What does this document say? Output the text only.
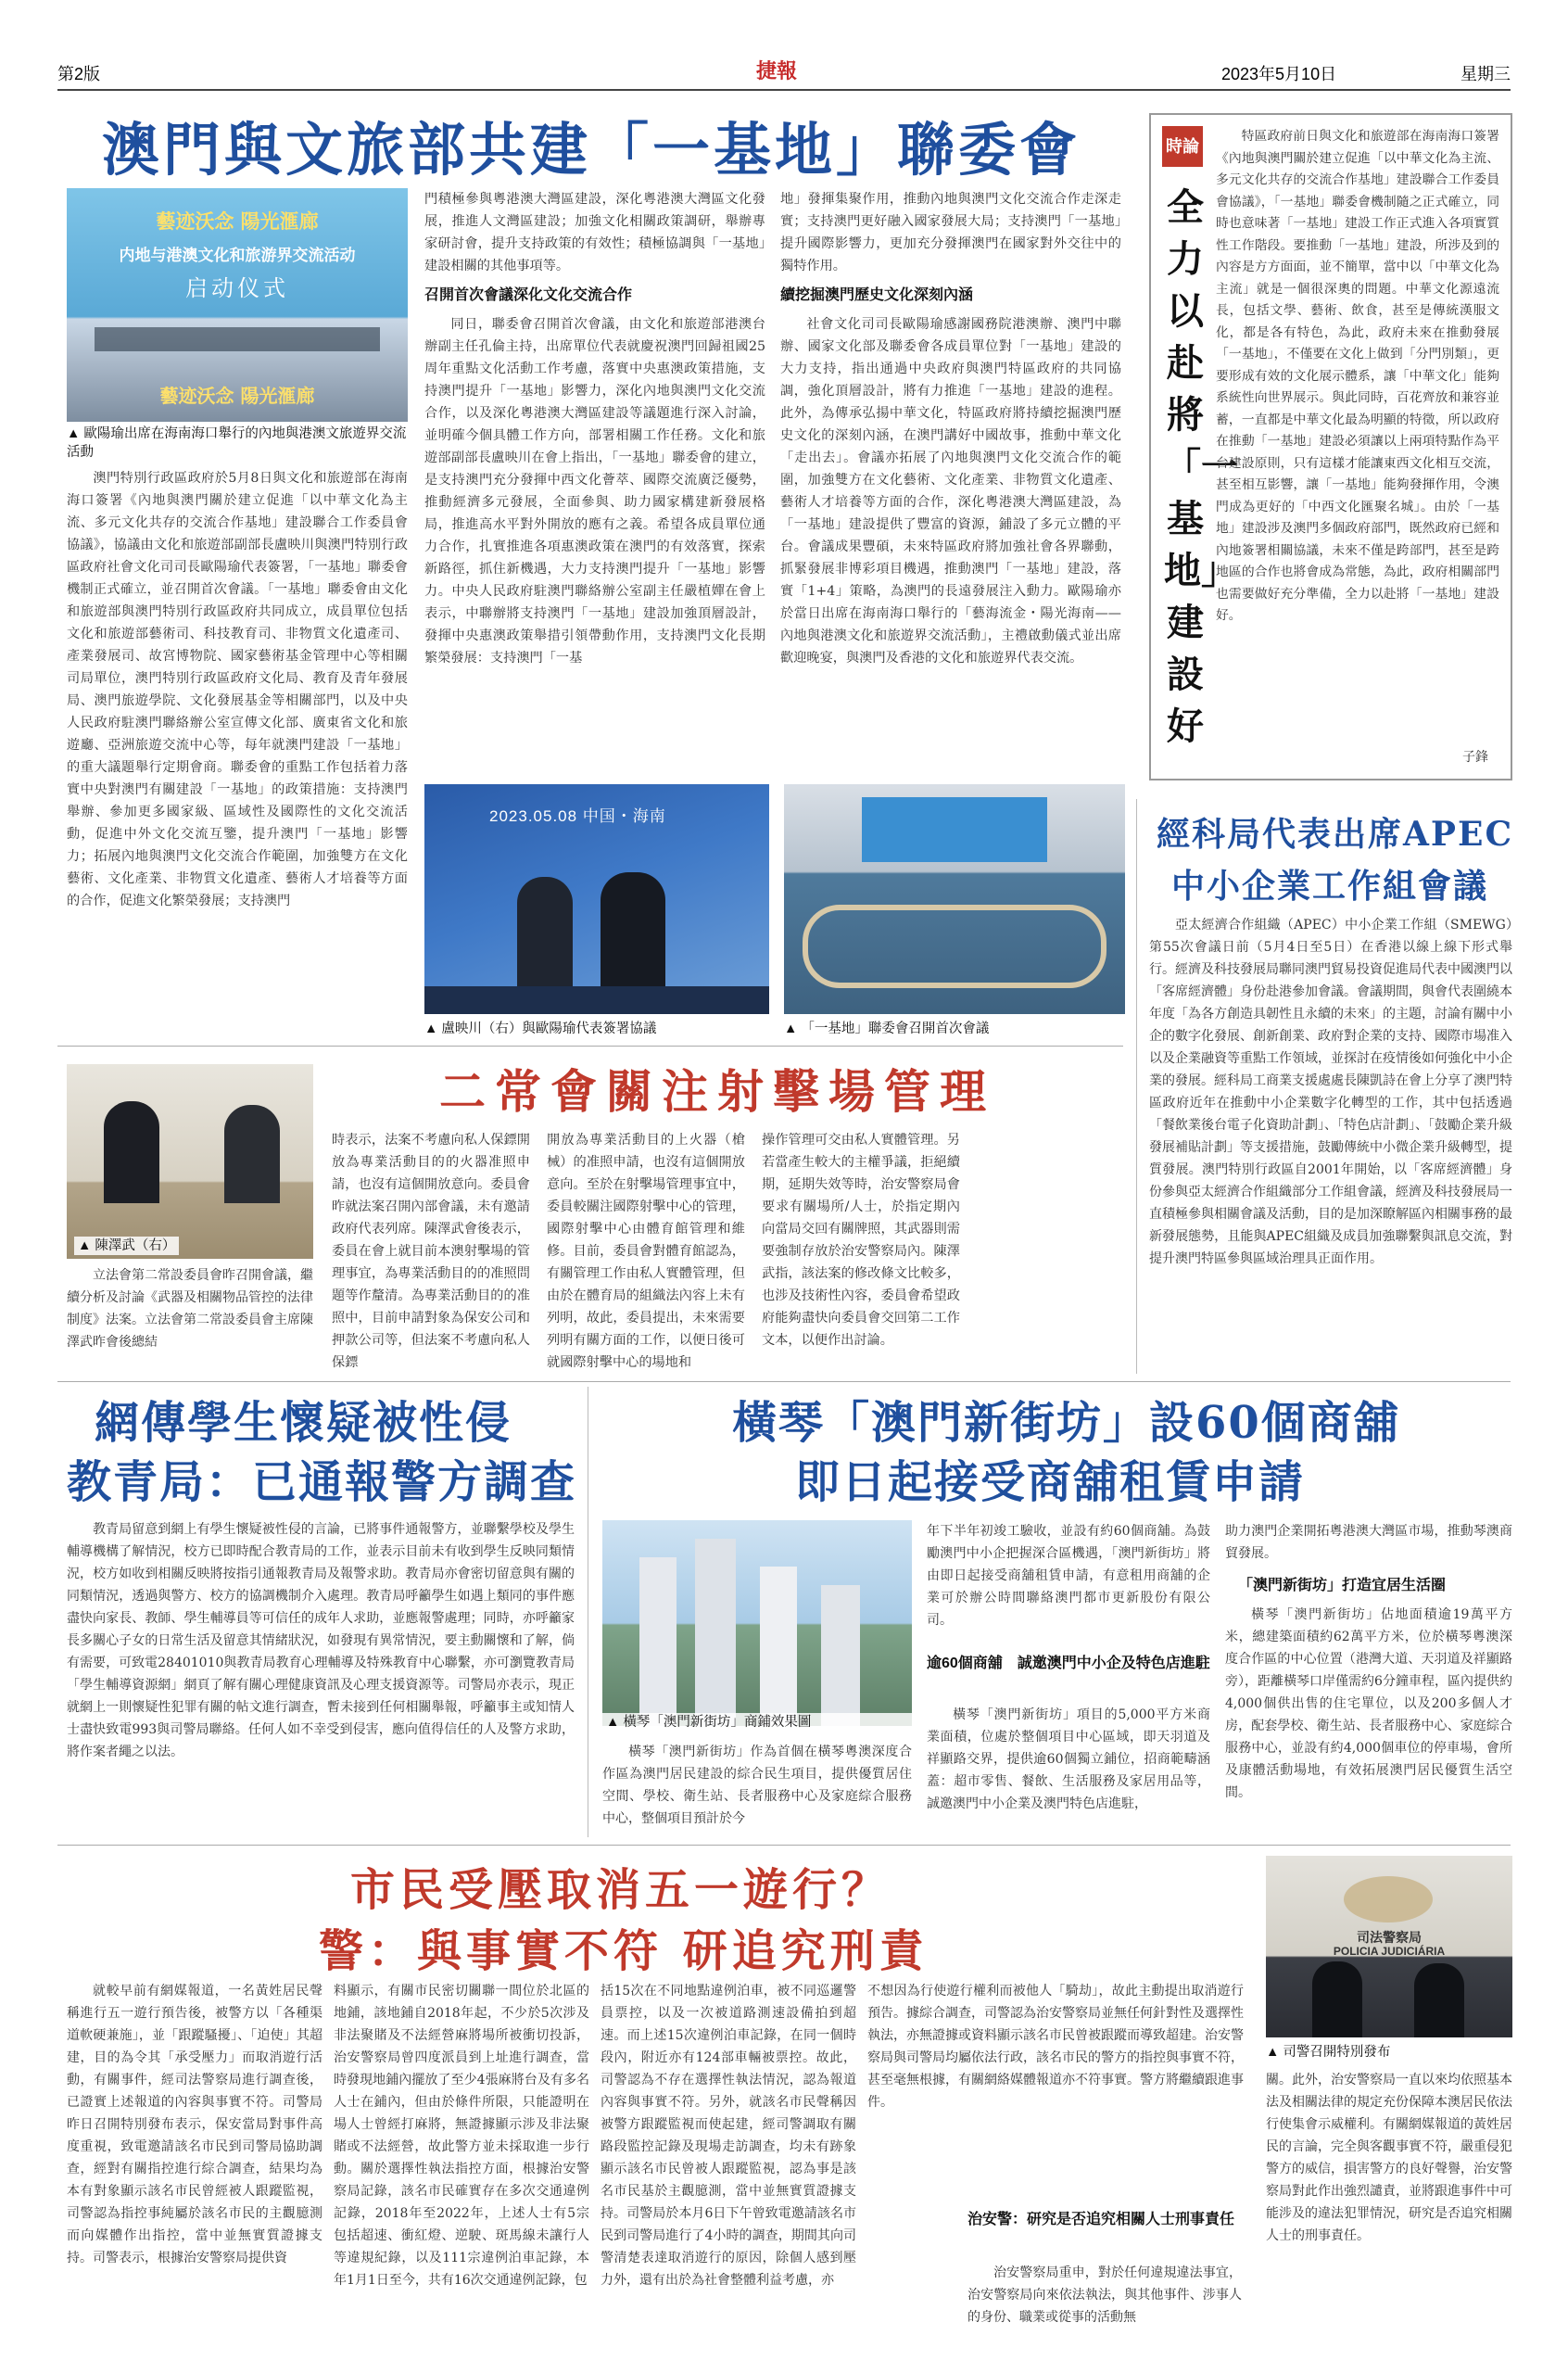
第2版	捷報	2023年5月10日	星期三
澳門與文旅部共建「一基地」聯委會
藝迹沃念 陽光滙廊
内地与港澳文化和旅游界交流活动
启动仪式
藝迹沃念 陽光滙廊
▲ 歐陽瑜出席在海南海口舉行的內地與港澳文旅遊界交流活動

澳門特別行政區政府於5月8日與文化和旅遊部在海南海口簽署《內地與澳門關於建立促進「以中華文化為主流、多元文化共存的交流合作基地」建設聯合工作委員會協議》，協議由文化和旅遊部副部長盧映川與澳門特別行政區政府社會文化司司長歐陽瑜代表簽署，「一基地」聯委會機制正式確立，並召開首次會議。「一基地」聯委會由文化和旅遊部與澳門特別行政區政府共同成立，成員單位包括文化和旅遊部藝術司、科技教育司、非物質文化遺產司、產業發展司、故宮博物院、國家藝術基金管理中心等相關司局單位，澳門特別行政區政府文化局、教育及青年發展局、澳門旅遊學院、文化發展基金等相關部門，以及中央人民政府駐澳門聯絡辦公室宣傳文化部、廣東省文化和旅遊廳、亞洲旅遊交流中心等，每年就澳門建設「一基地」的重大議題舉行定期會商。聯委會的重點工作包括着力落實中央對澳門有關建設「一基地」的政策措施：支持澳門舉辦、參加更多國家級、區域性及國際性的文化交流活動，促進中外文化交流互鑒，提升澳門「一基地」影響力；拓展內地與澳門文化交流合作範圍，加強雙方在文化藝術、文化產業、非物質文化遺產、藝術人才培養等方面的合作，促進文化繁榮發展；支持澳門

門積極參與粵港澳大灣區建設，深化粵港澳大灣區文化發展，推進人文灣區建設；加強文化相關政策調研，舉辦專家研討會，提升支持政策的有效性；積極協調與「一基地」建設相關的其他事項等。

召開首次會議深化文化交流合作

同日，聯委會召開首次會議，由文化和旅遊部港澳台辦副主任孔倫主持，出席單位代表就慶祝澳門回歸祖國25周年重點文化活動工作考慮，落實中央惠澳政策措施，支持澳門提升「一基地」影響力，深化內地與澳門文化交流合作，以及深化粵港澳大灣區建設等議題進行深入討論，並明確今個具體工作方向，部署相關工作任務。文化和旅遊部副部長盧映川在會上指出，「一基地」聯委會的建立，是支持澳門充分發揮中西文化薈萃、國際交流廣泛優勢，推動經濟多元發展，全面參與、助力國家構建新發展格局，推進高水平對外開放的應有之義。希望各成員單位通力合作，扎實推進各項惠澳政策在澳門的有效落實，探索新路徑，抓住新機遇，大力支持澳門提升「一基地」影響力。中央人民政府駐澳門聯絡辦公室副主任嚴植嬋在會上表示，中聯辦將支持澳門「一基地」建設加強頂層設計，發揮中央惠澳政策舉措引領帶動作用，支持澳門文化長期繁榮發展：支持澳門「一基

地」發揮集聚作用，推動內地與澳門文化交流合作走深走實；支持澳門更好融入國家發展大局；支持澳門「一基地」提升國際影響力，更加充分發揮澳門在國家對外交往中的獨特作用。

續挖掘澳門歷史文化深刻內涵

社會文化司司長歐陽瑜感謝國務院港澳辦、澳門中聯辦、國家文化部及聯委會各成員單位對「一基地」建設的大力支持，指出通過中央政府與澳門特區政府的共同協調，強化頂層設計，將有力推進「一基地」建設的進程。此外，為傳承弘揚中華文化，特區政府將持續挖掘澳門歷史文化的深刻內涵，在澳門講好中國故事，推動中華文化「走出去」。會議亦拓展了內地與澳門文化交流合作的範圍，加強雙方在文化藝術、文化產業、非物質文化遺產、藝術人才培養等方面的合作，深化粵港澳大灣區建設，為「一基地」建設提供了豐富的資源，鋪設了多元立體的平台。會議成果豐碩，未來特區政府將加強社會各界聯動，抓緊發展非博彩項目機遇，推動澳門「一基地」建設，落實「1+4」策略，為澳門的長遠發展注入動力。歐陽瑜亦於當日出席在海南海口舉行的「藝海流金・陽光海南——內地與港澳文化和旅遊界交流活動」，主禮啟動儀式並出席歡迎晚宴，與澳門及香港的文化和旅遊界代表交流。

2023.05.08 中国・海南
▲ 盧映川（右）與歐陽瑜代表簽署協議	▲ 「一基地」聯委會召開首次會議
時論
全力以赴將「一基地」建設好

特區政府前日與文化和旅遊部在海南海口簽署《內地與澳門關於建立促進「以中華文化為主流、多元文化共存的交流合作基地」建設聯合工作委員會協議》，「一基地」聯委會機制隨之正式確立，同時也意味著「一基地」建設工作正式進入各項實質性工作階段。要推動「一基地」建設，所涉及到的內容是方方面面，並不簡單，當中以「中華文化為主流」就是一個很深奧的問題。中華文化源遠流長，包括文學、藝術、飲食，甚至是傳統漢服文化，都是各有特色，為此，政府未來在推動發展「一基地」，不僅要在文化上做到「分門別類」，更要形成有效的文化展示體系，讓「中華文化」能夠系統性向世界展示。與此同時，百花齊放和兼容並蓄，一直都是中華文化最為明顯的特徵，所以政府在推動「一基地」建設必須讓以上兩項特點作為平台建設原則，只有這樣才能讓東西文化相互交流，甚至相互影響，讓「一基地」能夠發揮作用，令澳門成為更好的「中西文化匯聚名城」。由於「一基地」建設涉及澳門多個政府部門，既然政府已經和內地簽署相關協議，未來不僅是跨部門，甚至是跨地區的合作也將會成為常態，為此，政府相關部門也需要做好充分準備，全力以赴將「一基地」建設好。

子鋒
經科局代表出席APEC
中小企業工作組會議

亞太經濟合作組織（APEC）中小企業工作組（SMEWG）第55次會議日前（5月4日至5日）在香港以線上線下形式舉行。經濟及科技發展局聯同澳門貿易投資促進局代表中國澳門以「客席經濟體」身份赴港參加會議。會議期間，與會代表圍繞本年度「為各方創造具韌性且永續的未來」的主題，討論有關中小企的數字化發展、創新創業、政府對企業的支持、國際市場准入以及企業融資等重點工作領域，並探討在疫情後如何強化中小企業的發展。經科局工商業支援處處長陳凱詩在會上分享了澳門特區政府近年在推動中小企業數字化轉型的工作，其中包括透過「餐飲業後台電子化資助計劃」、「特色店計劃」、「鼓勵企業升級發展補貼計劃」等支援措施，鼓勵傳統中小微企業升級轉型，提質發展。澳門特別行政區自2001年開始，以「客席經濟體」身份參與亞太經濟合作組織部分工作組會議，經濟及科技發展局一直積極參與相關會議及活動，目的是加深瞭解區內相關事務的最新發展態勢，且能與APEC組織及成員加強聯繫與訊息交流，對提升澳門特區參與區域治理具正面作用。

二常會關注射擊場管理
▲ 陳澤武（右）

立法會第二常設委員會昨召開會議，繼續分析及討論《武器及相關物品管控的法律制度》法案。立法會第二常設委員會主席陳澤武昨會後總結

時表示，法案不考慮向私人保鏢開放為專業活動目的的火器准照申請，也沒有這個開放意向。委員會昨就法案召開內部會議，未有邀請政府代表列席。陳澤武會後表示，委員在會上就目前本澳射擊場的管理事宜，為專業活動目的的准照問題等作釐清。為專業活動目的的准照中，目前申請對象為保安公司和押款公司等，但法案不考慮向私人保鏢

開放為專業活動目的上火器（槍械）的准照申請，也沒有這個開放意向。至於在射擊場管理事宜中，委員較關注國際射擊中心的管理，國際射擊中心由體育館管理和維修。目前，委員會對體育館認為，有關管理工作由私人實體管理，但由於在體育局的組織法內容上未有列明，故此，委員提出，未來需要列明有關方面的工作，以便日後可就國際射擊中心的場地和

操作管理可交由私人實體管理。另若當產生較大的主權爭議，拒絕續期，延期失效等時，治安警察局會要求有關場所/人士，於指定期內向當局交回有關牌照，其武器則需要強制存放於治安警察局內。陳澤武指，該法案的修改條文比較多，也涉及技術性內容，委員會希望政府能夠盡快向委員會交回第二工作文本，以便作出討論。

網傳學生懷疑被性侵
教青局：已通報警方調查

教青局留意到網上有學生懷疑被性侵的言論，已將事件通報警方，並聯繫學校及學生輔導機構了解情況，校方已即時配合教青局的工作，並表示目前未有收到學生反映同類情況，校方如收到相關反映將按指引通報教青局及報警求助。教青局亦會密切留意與有關的同類情況，透過與警方、校方的協調機制介入處理。教青局呼籲學生如遇上類同的事件應盡快向家長、教師、學生輔導員等可信任的成年人求助，並應報警處理；同時，亦呼籲家長多關心子女的日常生活及留意其情緒狀況，如發現有異常情況，要主動關懷和了解，倘有需要，可致電28401010與教青局教育心理輔導及特殊教育中心聯繫，亦可瀏覽教青局「學生輔導資源網」網頁了解有關心理健康資訊及心理支援資源等。司警局亦表示，現正就網上一則懷疑性犯罪有關的帖文進行調查，暫未接到任何相關舉報，呼籲事主或知情人士盡快致電993與司警局聯絡。任何人如不幸受到侵害，應向值得信任的人及警方求助，將作案者繩之以法。

橫琴「澳門新街坊」設60個商舖
即日起接受商舖租賃申請
▲ 橫琴「澳門新街坊」商鋪效果圖

橫琴「澳門新街坊」作為首個在橫琴粵澳深度合作區為澳門居民建設的綜合民生項目，提供優質居住空間、學校、衛生站、長者服務中心及家庭綜合服務中心，整個項目預計於今

年下半年初竣工驗收，並設有約60個商舖。為鼓勵澳門中小企把握深合區機遇，「澳門新街坊」將由即日起接受商舖租賃申請，有意租用商舖的企業可於辦公時間聯絡澳門都市更新股份有限公司。

逾60個商舖　誠邀澳門中小企及特色店進駐

橫琴「澳門新街坊」項目的5,000平方米商業面積，位處於整個項目中心區域，即天羽道及祥顯路交界，提供逾60個獨立鋪位，招商範疇涵蓋：超市零售、餐飲、生活服務及家居用品等，誠邀澳門中小企業及澳門特色店進駐，

助力澳門企業開拓粵港澳大灣區市場，推動琴澳商貿發展。

「澳門新街坊」打造宜居生活圈

橫琴「澳門新街坊」佔地面積逾19萬平方米，總建築面積約62萬平方米，位於橫琴粵澳深度合作區的中心位置（港灣大道、天羽道及祥顯路旁），距離橫琴口岸僅需約6分鐘車程，區內提供約4,000個供出售的住宅單位，以及200多個人才房，配套學校、衛生站、長者服務中心、家庭綜合服務中心，並設有約4,000個車位的停車場，會所及康體活動場地，有效拓展澳門居民優質生活空間。

市民受壓取消五一遊行？
警：與事實不符 研追究刑責	司法警察局
POLICIA JUDICIÁRIA
▲ 司警召開特別發布

就較早前有網媒報道，一名黃姓居民聲稱進行五一遊行預告後，被警方以「各種渠道軟硬兼施」，並「跟蹤騷擾」、「迫使」其超建，目的為令其「承受壓力」而取消遊行活動，有關事件，經司法警察局進行調查後，已證實上述報道的內容與事實不符。司警局昨日召開特別發布表示，保安當局對事件高度重視，致電邀請該名市民到司警局協助調查，經對有關指控進行綜合調查，結果均為本有對象顯示該名市民曾經被人跟蹤監視，司警認為指控事純屬於該名市民的主觀臆測而向媒體作出指控，當中並無實質證據支持。司警表示，根據治安警察局提供資

料顯示，有關市民密切關聯一間位於北區的地鋪，該地鋪自2018年起，不少於5次涉及非法聚賭及不法經營麻將場所被衝切投訴，治安警察局曾四度派員到上址進行調查，當時發現地鋪內擺放了至少4張麻將台及有多名人士在鋪內，但由於條件所限，只能證明在場人士曾經打麻將，無證據顯示涉及非法聚賭或不法經營，故此警方並未採取進一步行動。關於選擇性執法指控方面，根據治安警察局記錄，該名市民確實存在多次交通違例記錄，2018年至2022年，上述人士有5宗包括超速、衝紅燈、逆駛、斑馬線未讓行人等違規紀錄，以及111宗違例泊車記錄，本年1月1日至今，共有16次交通違例記錄，包

括15次在不同地點違例泊車，被不同巡邏警員票控，以及一次被道路測速設備拍到超速。而上述15次違例泊車記錄，在同一個時段內，附近亦有124部車輛被票控。故此，司警認為不存在選擇性執法情況，認為報道內容與事實不符。另外，就該名市民聲稱因被警方跟蹤監視而使起建，經司警調取有關路段監控記錄及現場走訪調查，均未有跡象顯示該名市民曾被人跟蹤監視，認為事是該名市民基於主觀臆測，當中並無實質證據支持。司警局於本月6日下午曾致電邀請該名市民到司警局進行了4小時的調查，期間其向司警清楚表達取消遊行的原因，除個人感到壓力外，還有出於為社會整體利益考慮，亦

不想因為行使遊行權利而被他人「騎劫」，故此主動提出取消遊行預告。據綜合調查，司警認為治安警察局並無任何針對性及選擇性執法，亦無證據或資料顯示該名市民曾被跟蹤而導致超建。治安警察局與司警局均屬依法行政，該名市民的警方的指控與事實不符，甚至毫無根據，有關網絡媒體報道亦不符事實。警方將繼續跟進事件。

治安警：研究是否追究相關人士刑事責任

治安警察局重申，對於任何違規違法事宜，治安警察局向來依法執法，與其他事件、涉事人的身份、職業或從事的活動無

關。此外，治安警察局一直以來均依照基本法及相關法律的規定充份保障本澳居民依法行使集會示威權利。有關網媒報道的黃姓居民的言論，完全與客觀事實不符，嚴重侵犯警方的威信，損害警方的良好聲譽，治安警察局對此作出強烈譴責，並將跟進事件中可能涉及的違法犯罪情況，研究是否追究相關人士的刑事責任。
